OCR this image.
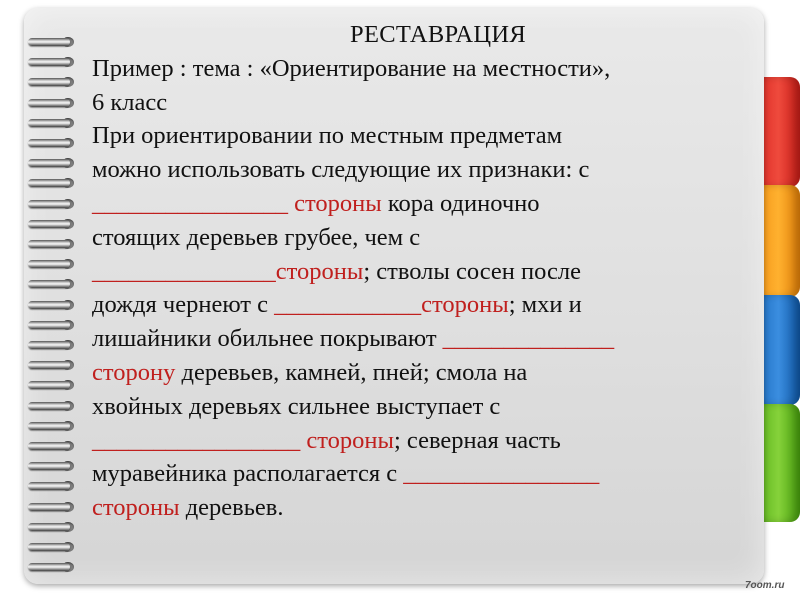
РЕСТАВРАЦИЯ
Пример : тема : «Ориентирование на местности»,
6 класс
При ориентировании по местным предметам
можно использовать следующие их признаки: с
________________ стороны кора одиночно
стоящих деревьев грубее, чем с
_______________стороны; стволы сосен после
дождя чернеют с ____________стороны; мхи и
лишайники обильнее покрывают ______________
сторону деревьев, камней, пней; смола на
хвойных деревьях сильнее выступает с
_________________ стороны; северная часть
муравейника располагается с ________________
стороны деревьев.
7oom.ru
